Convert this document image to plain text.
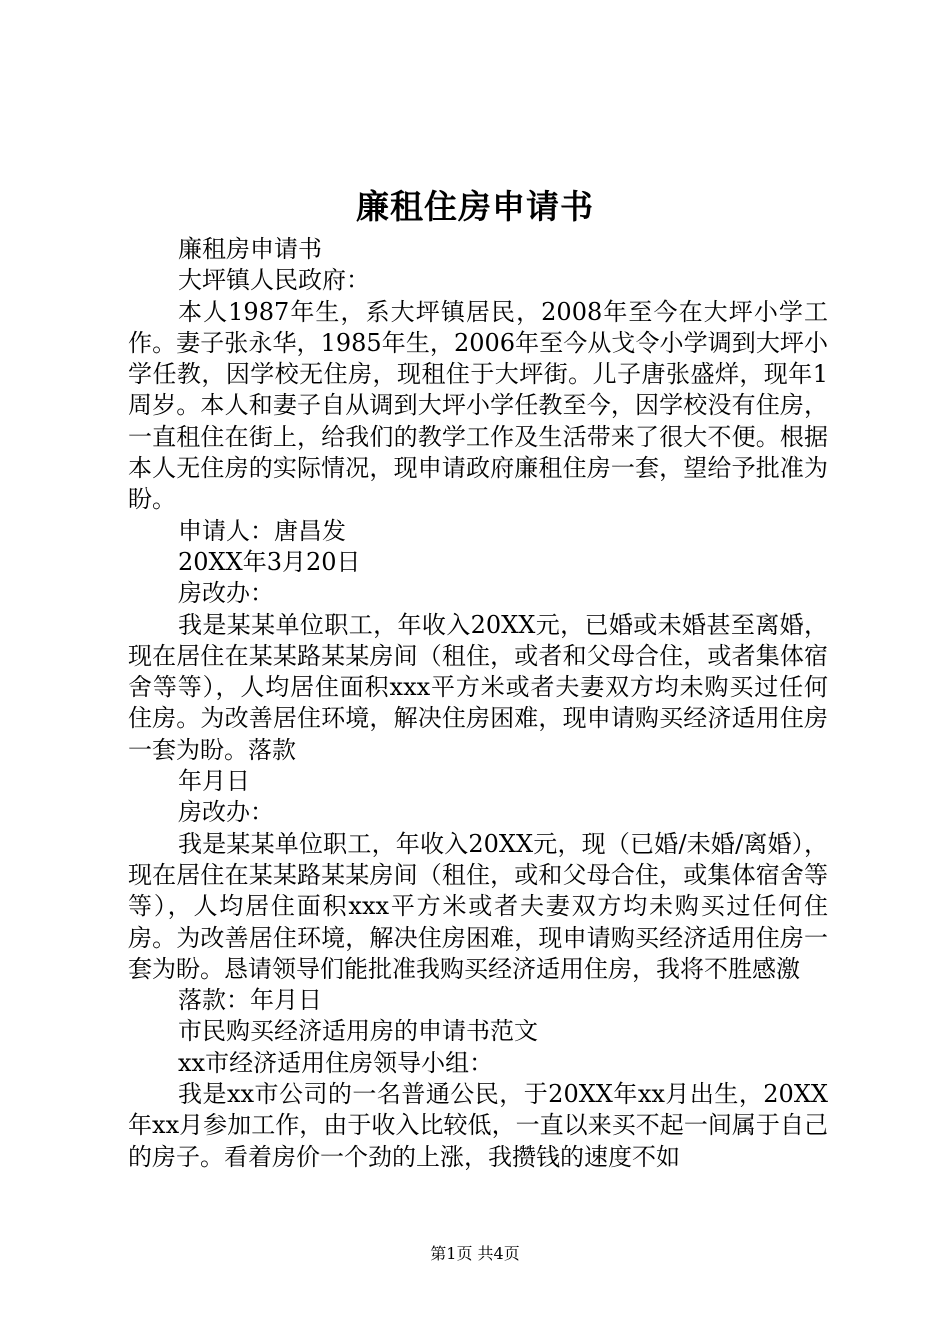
廉租住房申请书

廉租房申请书

大坪镇人民政府：

本人1987年生，系大坪镇居民，2008年至今在大坪小学工作。妻子张永华，1985年生，2006年至今从戈令小学调到大坪小学任教，因学校无住房，现租住于大坪街。儿子唐张盛烊，现年1周岁。本人和妻子自从调到大坪小学任教至今，因学校没有住房，一直租住在街上，给我们的教学工作及生活带来了很大不便。根据本人无住房的实际情况，现申请政府廉租住房一套，望给予批准为盼。

申请人：唐昌发

20XX年3月20日

房改办：

我是某某单位职工，年收入20XX元，已婚或未婚甚至离婚，现在居住在某某路某某房间（租住，或者和父母合住，或者集体宿舍等等），人均居住面积xxx平方米或者夫妻双方均未购买过任何住房。为改善居住环境，解决住房困难，现申请购买经济适用住房一套为盼。落款

年月日

房改办：

我是某某单位职工，年收入20XX元，现（已婚/未婚/离婚），现在居住在某某路某某房间（租住，或和父母合住，或集体宿舍等等），人均居住面积xxx平方米或者夫妻双方均未购买过任何住房。为改善居住环境，解决住房困难，现申请购买经济适用住房一套为盼。恳请领导们能批准我购买经济适用住房，我将不胜感激

落款：年月日

市民购买经济适用房的申请书范文

xx市经济适用住房领导小组：

我是xx市公司的一名普通公民，于20XX年xx月出生，20XX年xx月参加工作，由于收入比较低，一直以来买不起一间属于自己的房子。看着房价一个劲的上涨，我攒钱的速度不如

第1页 共4页
